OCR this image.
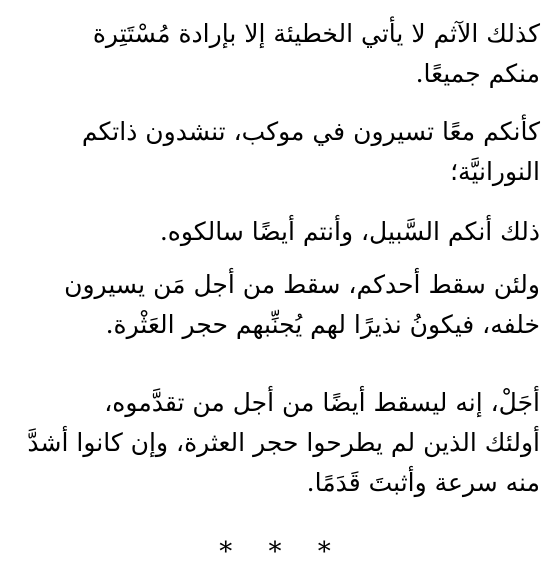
كذلك الآثم لا يأتي الخطيئة إلا بإرادة مُسْتَتِرة
منكم جميعًا.
كأنكم معًا تسيرون في موكب، تنشدون ذاتكم
النورانيَّة؛
ذلك أنكم السَّبيل، وأنتم أيضًا سالكوه.
ولئن سقط أحدكم، سقط من أجل مَن يسيرون
خلفه، فيكونُ نذيرًا لهم يُجنِّبهم حجر العَثْرة.
أجَلْ، إنه ليسقط أيضًا من أجل من تقدَّموه،
أولئك الذين لم يطرحوا حجر العثرة، وإن كانوا أشدَّ
منه سرعة وأثبتَ قَدَمًا.
* * *
